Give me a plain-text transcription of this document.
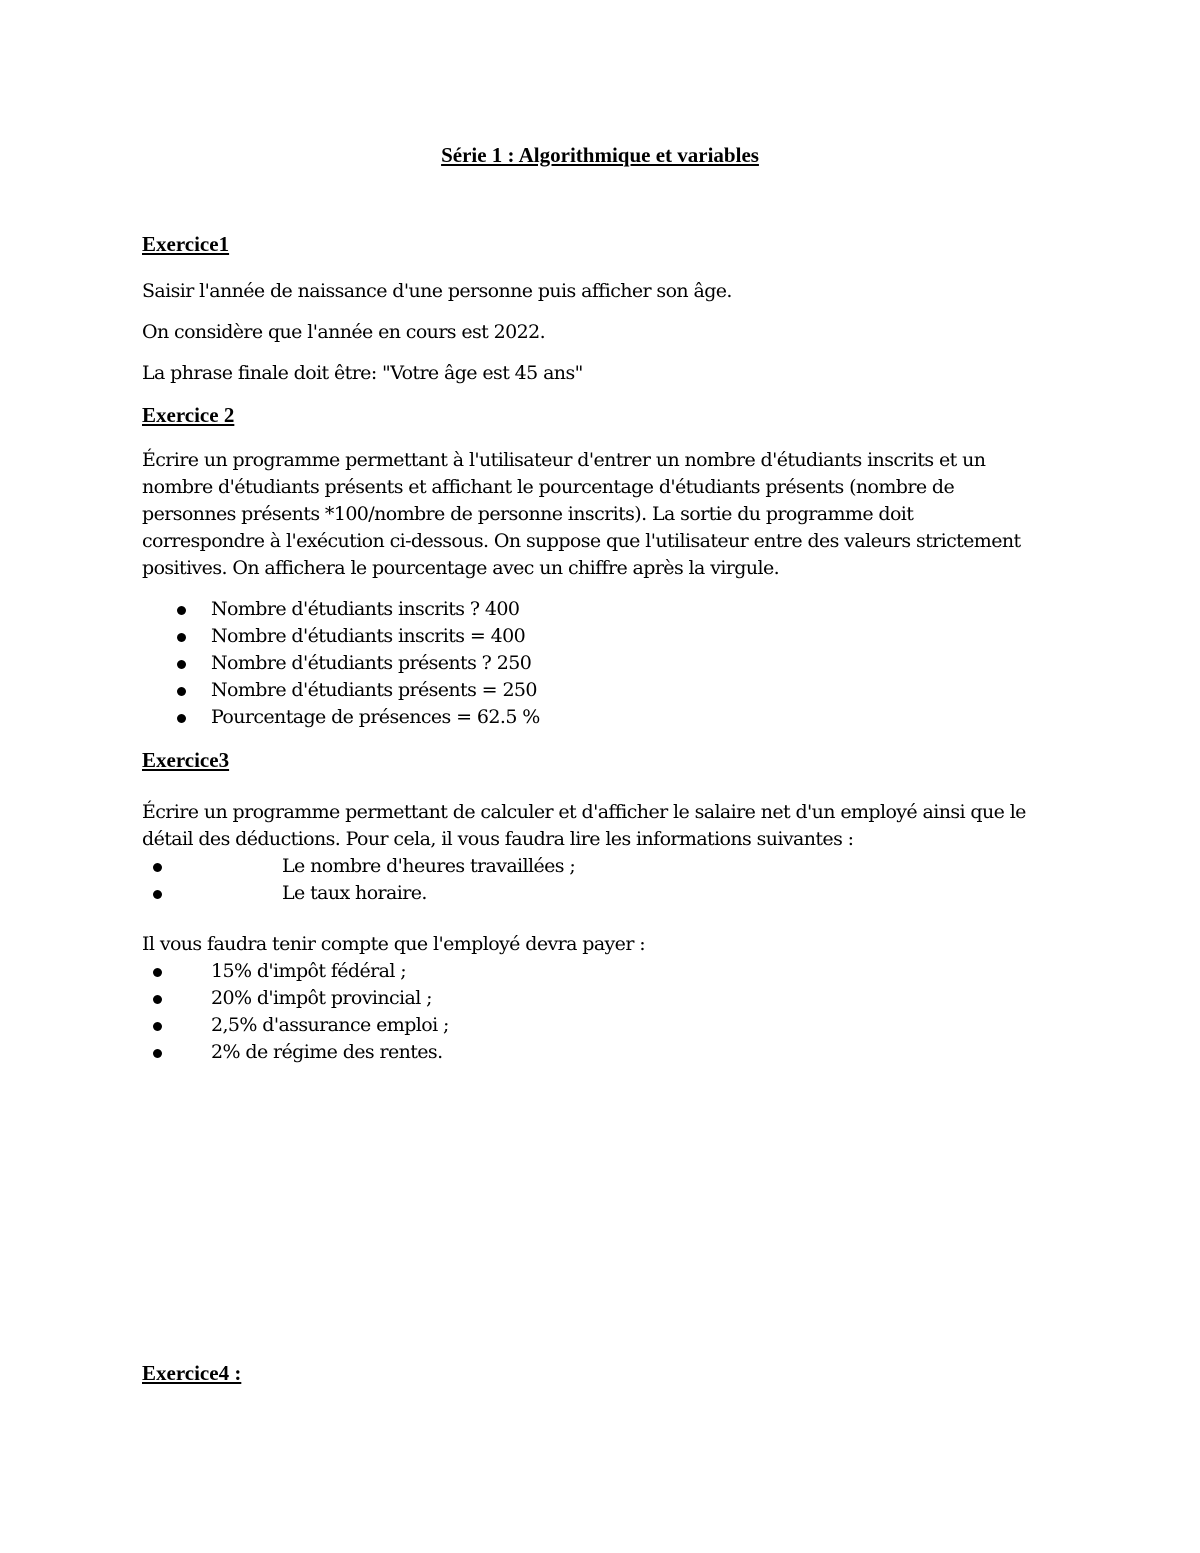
Série 1 : Algorithmique et variables
Exercice1

Saisir l'année de naissance d'une personne puis afficher son âge.

On considère que l'année en cours est 2022.

La phrase finale doit être: "Votre âge est 45 ans"

Exercice 2

Écrire un programme permettant à l'utilisateur d'entrer un nombre d'étudiants inscrits et un

nombre d'étudiants présents et affichant le pourcentage d'étudiants présents (nombre de

personnes présents *100/nombre de personne inscrits). La sortie du programme doit

correspondre à l'exécution ci-dessous. On suppose que l'utilisateur entre des valeurs strictement

positives. On affichera le pourcentage avec un chiffre après la virgule.

Nombre d'étudiants inscrits ? 400
Nombre d'étudiants inscrits = 400
Nombre d'étudiants présents ? 250
Nombre d'étudiants présents = 250
Pourcentage de présences = 62.5 %
Exercice3

Écrire un programme permettant de calculer et d'afficher le salaire net d'un employé ainsi que le

détail des déductions. Pour cela, il vous faudra lire les informations suivantes :

Le nombre d'heures travaillées ;
Le taux horaire.

Il vous faudra tenir compte que l'employé devra payer :

15% d'impôt fédéral ;
20% d'impôt provincial ;
2,5% d'assurance emploi ;
2% de régime des rentes.
Exercice4 :
